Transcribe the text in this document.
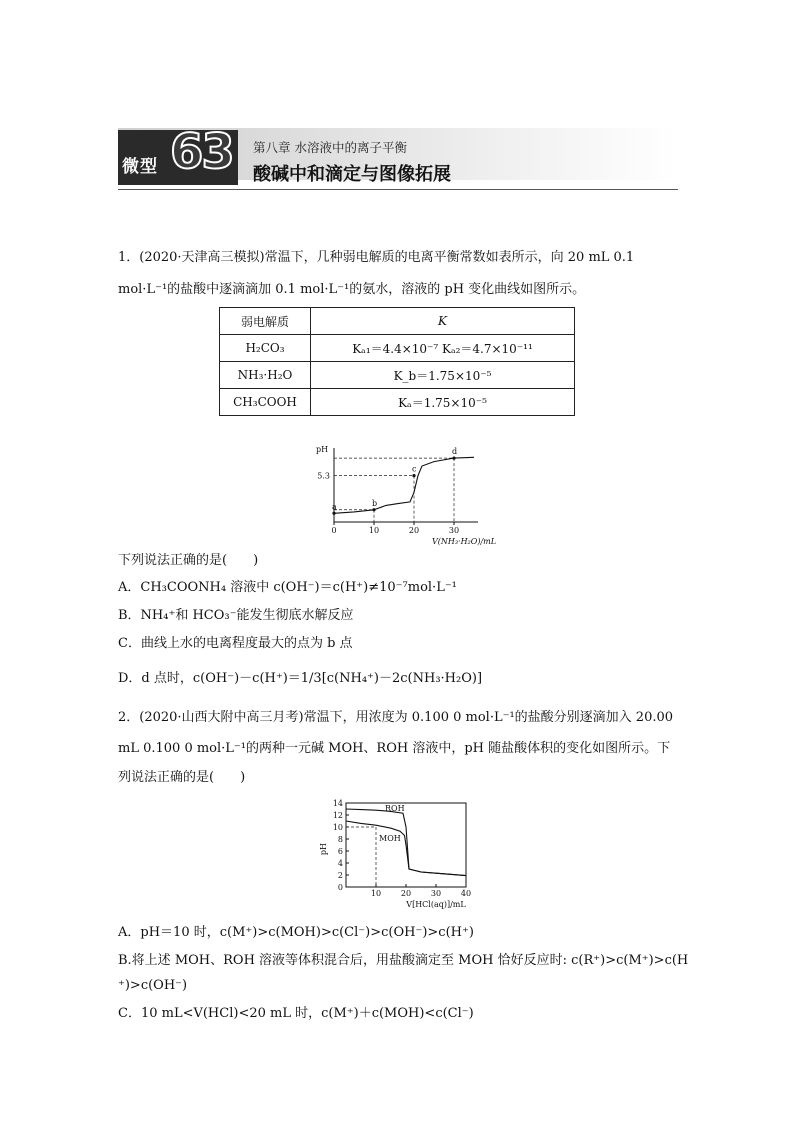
微型 63 第八章 水溶液中的离子平衡
酸碱中和滴定与图像拓展
1．(2020·天津高三模拟)常温下，几种弱电解质的电离平衡常数如表所示，向 20 mL 0.1
mol·L⁻¹的盐酸中逐滴滴加 0.1 mol·L⁻¹的氨水，溶液的 pH 变化曲线如图所示。
弱电解质	K
H₂CO₃	Kₐ₁＝4.4×10⁻⁷ Kₐ₂＝4.7×10⁻¹¹
NH₃·H₂O	K_b＝1.75×10⁻⁵
CH₃COOH	Kₐ＝1.75×10⁻⁵
pH
0	10	20	30
5.3
V(NH₃·H₂O)/mL
a	b
c
d
下列说法正确的是(　　)
A．CH₃COONH₄ 溶液中 c(OH⁻)＝c(H⁺)≠10⁻⁷mol·L⁻¹
B．NH₄⁺和 HCO₃⁻能发生彻底水解反应
C．曲线上水的电离程度最大的点为 b 点
D．d 点时，c(OH⁻)－c(H⁺)＝1/3[c(NH₄⁺)－2c(NH₃·H₂O)]
2．(2020·山西大附中高三月考)常温下，用浓度为 0.100 0 mol·L⁻¹的盐酸分别逐滴加入 20.00
mL 0.100 0 mol·L⁻¹的两种一元碱 MOH、ROH 溶液中，pH 随盐酸体积的变化如图所示。下
列说法正确的是(　　)
pH
0
2
4
6
8
10
12
14
10 20 30 40
V[HCl(aq)]/mL
ROH
MOH
A．pH＝10 时，c(M⁺)>c(MOH)>c(Cl⁻)>c(OH⁻)>c(H⁺)
B.将上述 MOH、ROH 溶液等体积混合后，用盐酸滴定至 MOH 恰好反应时: c(R⁺)>c(M⁺)>c(H
⁺)>c(OH⁻)
C．10 mL<V(HCl)<20 mL 时，c(M⁺)＋c(MOH)<c(Cl⁻)
